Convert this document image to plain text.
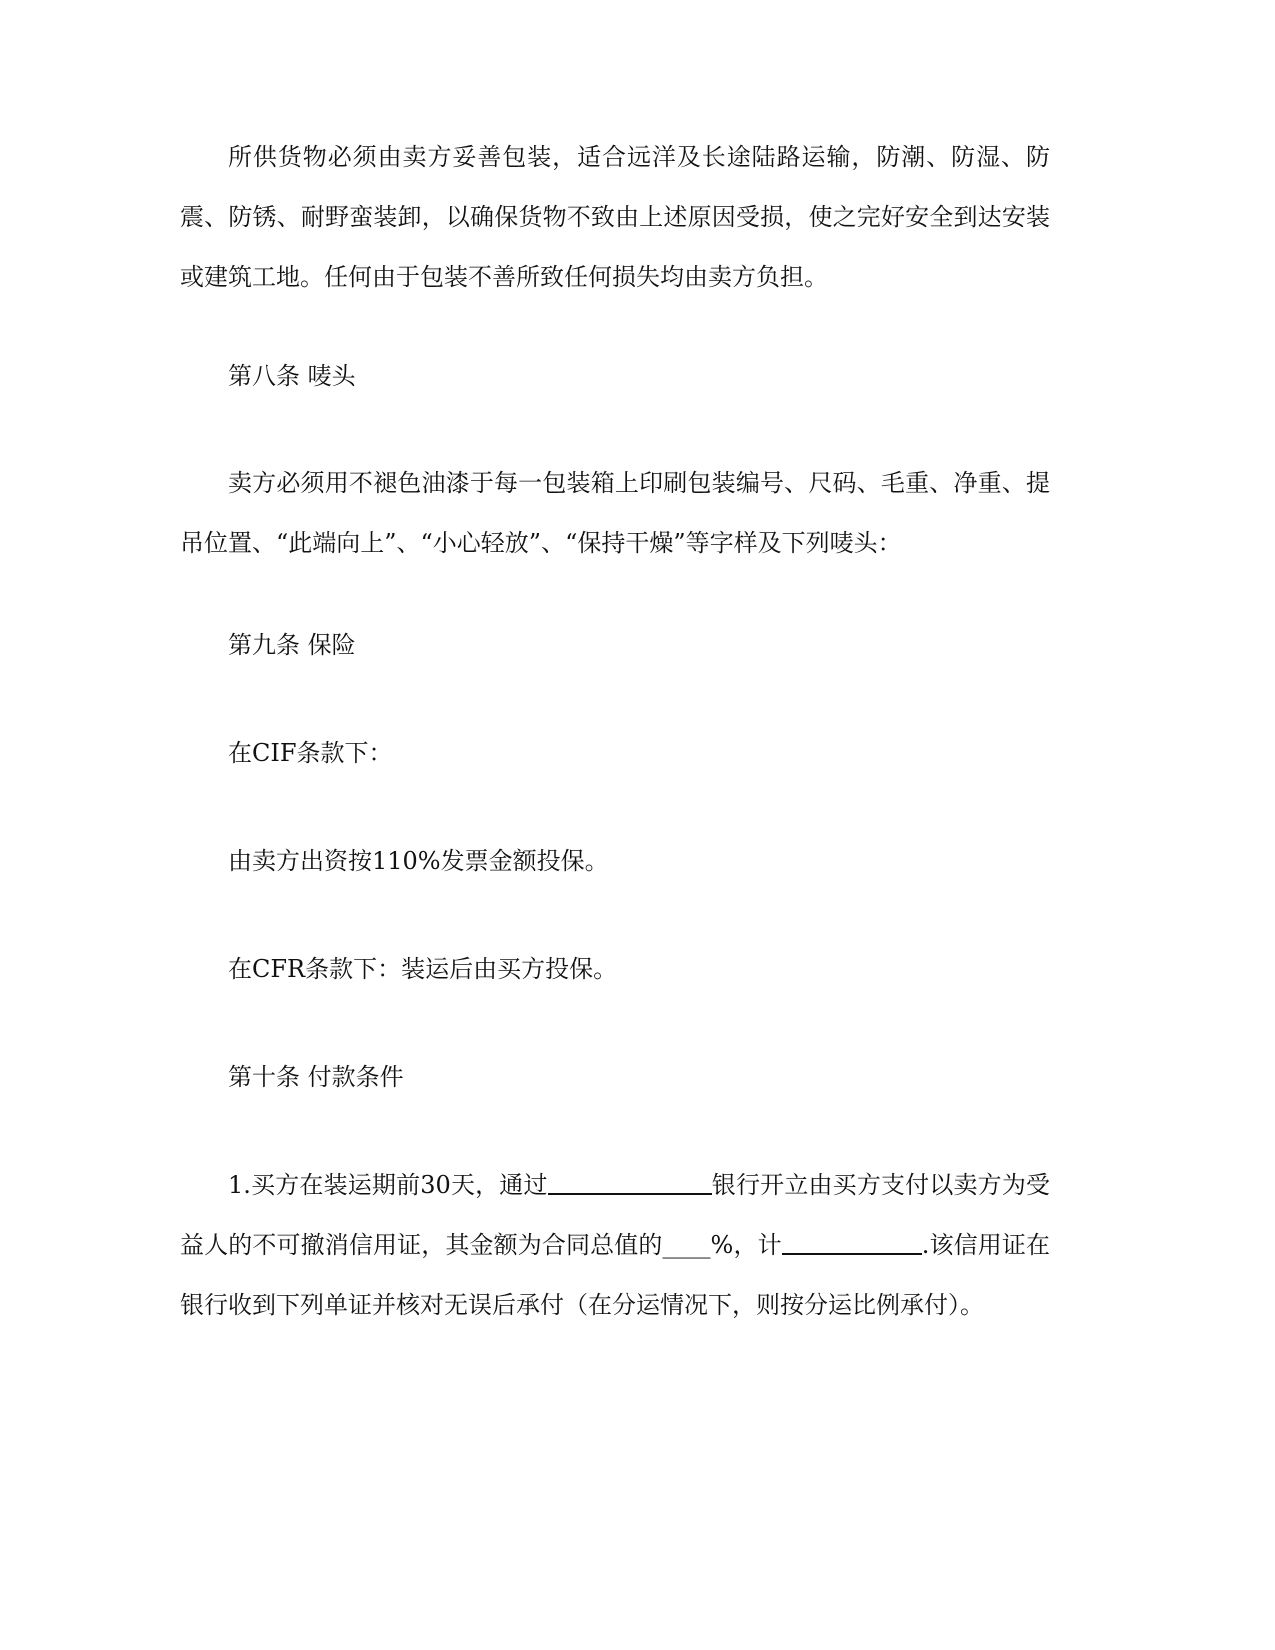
所供货物必须由卖方妥善包装，适合远洋及长途陆路运输，防潮、防湿、防震、防锈、耐野蛮装卸，以确保货物不致由上述原因受损，使之完好安全到达安装或建筑工地。任何由于包装不善所致任何损失均由卖方负担。

第八条 唛头

卖方必须用不褪色油漆于每一包装箱上印刷包装编号、尺码、毛重、净重、提吊位置、“此端向上”、“小心轻放”、“保持干燥”等字样及下列唛头：

第九条 保险

在CIF条款下：

由卖方出资按110%发票金额投保。

在CFR条款下：装运后由买方投保。

第十条 付款条件

1.买方在装运期前30天，通过	银行开立由买方支付以卖方为受益人的不可撤消信用证，其金额为合同总值的____%，计	.该信用证在银行收到下列单证并核对无误后承付（在分运情况下，则按分运比例承付）。
